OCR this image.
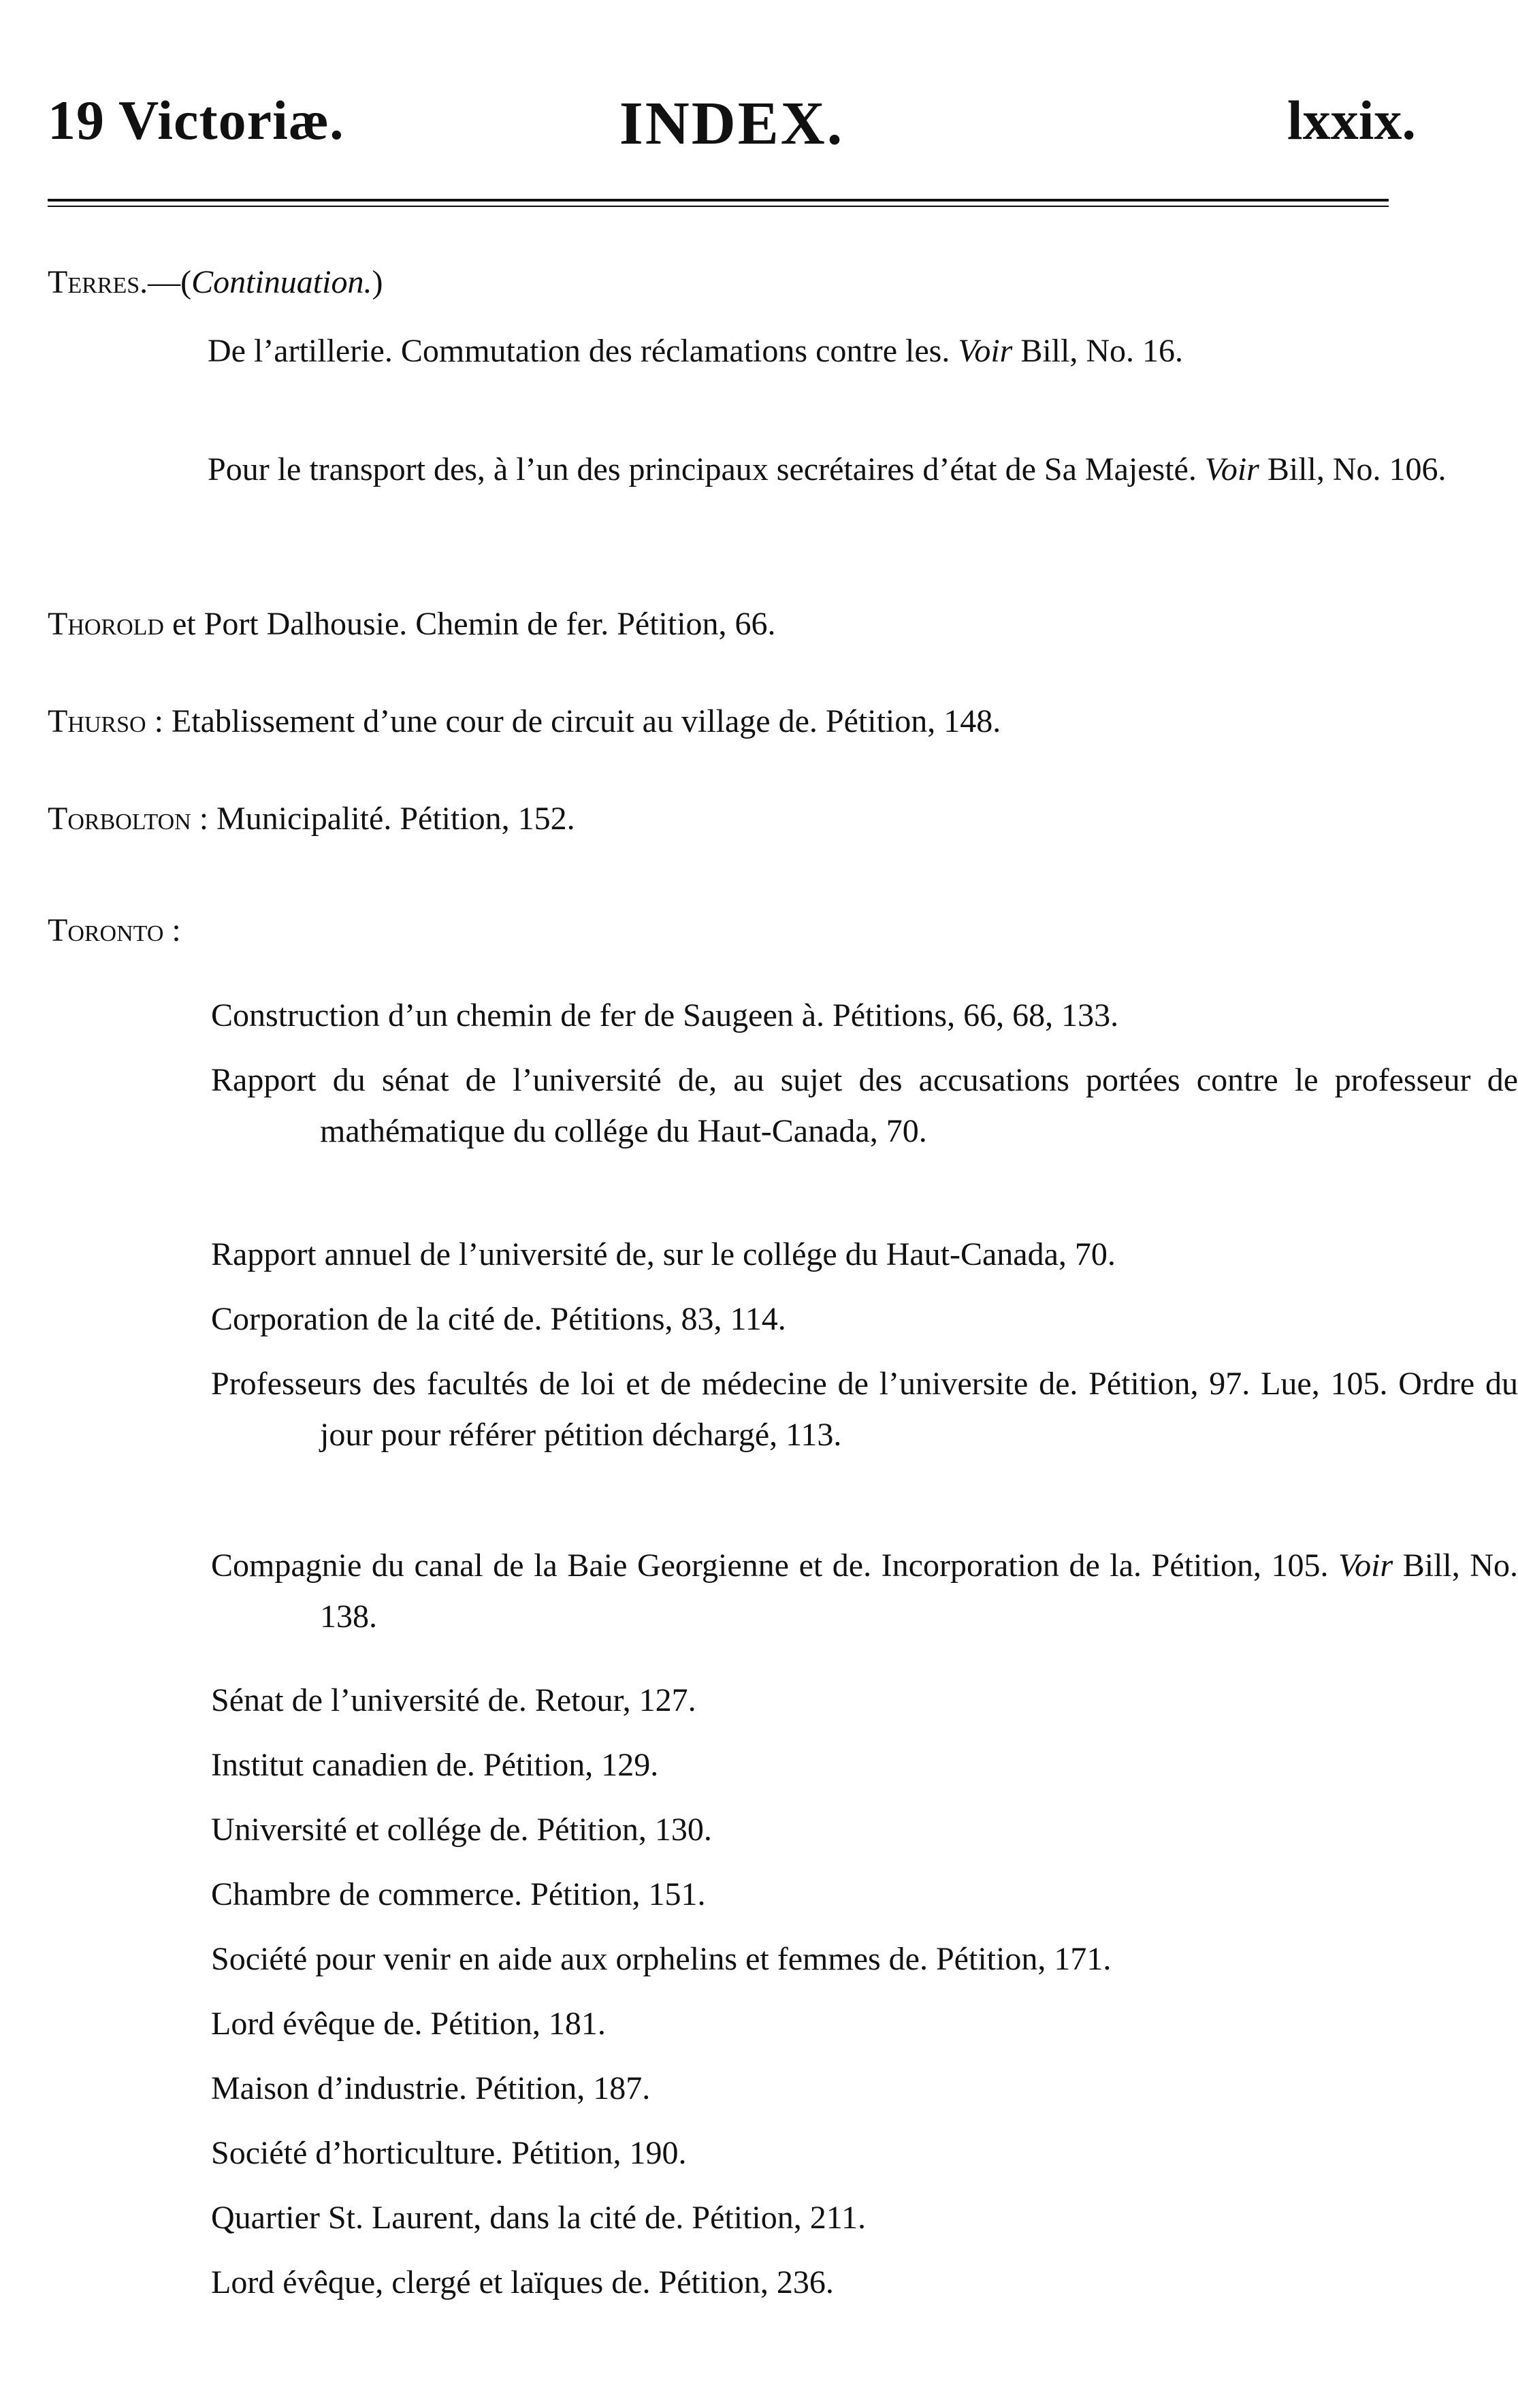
19 Victoriæ.	INDEX.	lxxix.
Terres.—(Continuation.)
De l’artillerie. Commutation des réclamations contre les. Voir Bill, No. 16.
Pour le transport des, à l’un des principaux secrétaires d’état de Sa Majesté. Voir Bill, No. 106.
Thorold et Port Dalhousie. Chemin de fer. Pétition, 66.
Thurso : Etablissement d’une cour de circuit au village de. Pétition, 148.
Torbolton : Municipalité. Pétition, 152.
Toronto :
Construction d’un chemin de fer de Saugeen à. Pétitions, 66, 68, 133.
Rapport du sénat de l’université de, au sujet des accusations portées contre le professeur de mathématique du collége du Haut-Canada, 70.
Rapport annuel de l’université de, sur le collége du Haut-Canada, 70.
Corporation de la cité de. Pétitions, 83, 114.
Professeurs des facultés de loi et de médecine de l’universite de. Pétition, 97. Lue, 105. Ordre du jour pour référer pétition déchargé, 113.
Compagnie du canal de la Baie Georgienne et de. Incorporation de la. Pétition, 105. Voir Bill, No. 138.
Sénat de l’université de. Retour, 127.
Institut canadien de. Pétition, 129.
Université et collége de. Pétition, 130.
Chambre de commerce. Pétition, 151.
Société pour venir en aide aux orphelins et femmes de. Pétition, 171.
Lord évêque de. Pétition, 181.
Maison d’industrie. Pétition, 187.
Société d’horticulture. Pétition, 190.
Quartier St. Laurent, dans la cité de. Pétition, 211.
Lord évêque, clergé et laïques de. Pétition, 236.
